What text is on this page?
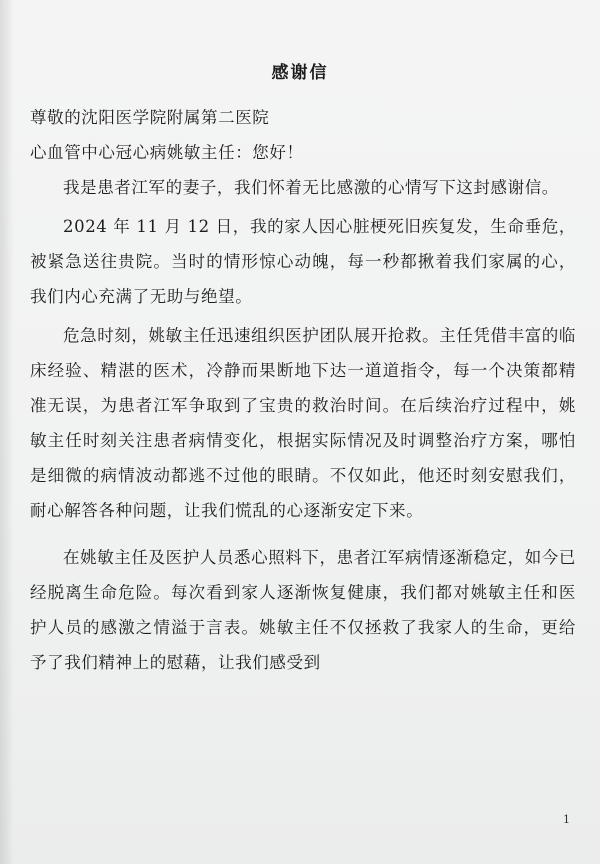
感谢信

尊敬的沈阳医学院附属第二医院

心血管中心冠心病姚敏主任：您好！

我是患者江军的妻子，我们怀着无比感激的心情写下这封感谢信。

2024 年 11 月 12 日，我的家人因心脏梗死旧疾复发，生命垂危，被紧急送往贵院。当时的情形惊心动魄，每一秒都揪着我们家属的心，我们内心充满了无助与绝望。

危急时刻，姚敏主任迅速组织医护团队展开抢救。主任凭借丰富的临床经验、精湛的医术，冷静而果断地下达一道道指令，每一个决策都精准无误，为患者江军争取到了宝贵的救治时间。在后续治疗过程中，姚敏主任时刻关注患者病情变化，根据实际情况及时调整治疗方案，哪怕是细微的病情波动都逃不过他的眼睛。不仅如此，他还时刻安慰我们，耐心解答各种问题，让我们慌乱的心逐渐安定下来。

在姚敏主任及医护人员悉心照料下，患者江军病情逐渐稳定，如今已经脱离生命危险。每次看到家人逐渐恢复健康，我们都对姚敏主任和医护人员的感激之情溢于言表。姚敏主任不仅拯救了我家人的生命，更给予了我们精神上的慰藉，让我们感受到

1
